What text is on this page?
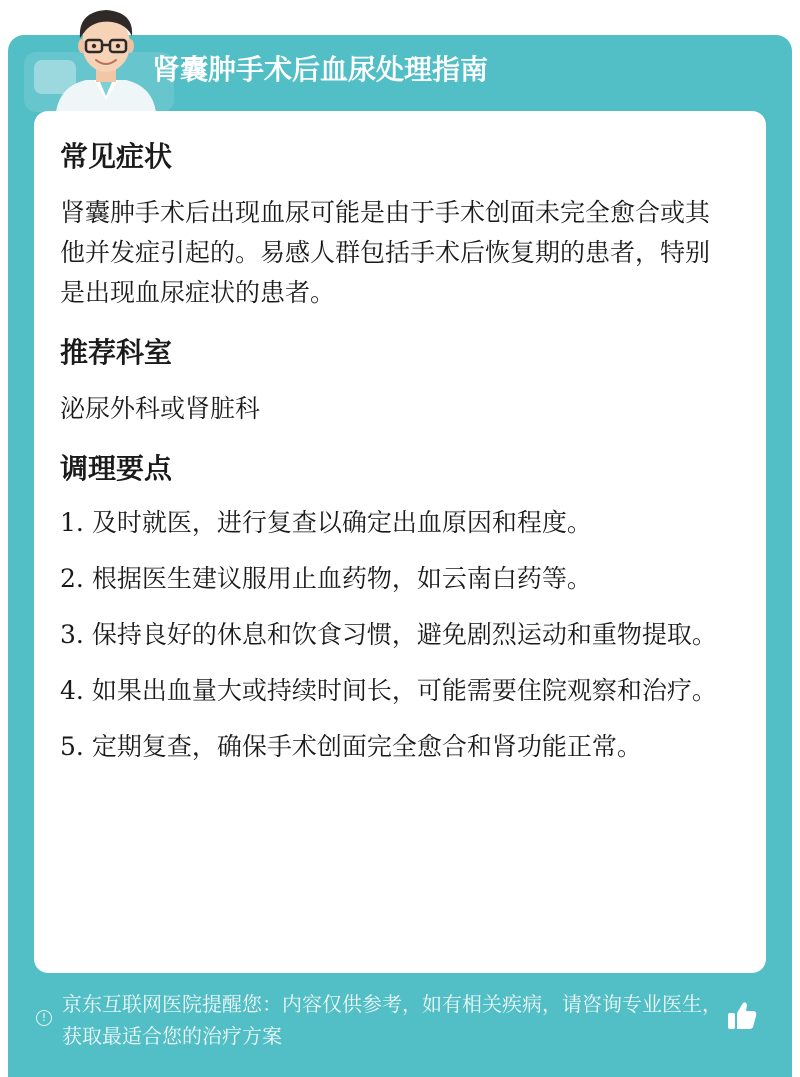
肾囊肿手术后血尿处理指南
常见症状

肾囊肿手术后出现血尿可能是由于手术创面未完全愈合或其他并发症引起的。易感人群包括手术后恢复期的患者，特别是出现血尿症状的患者。

推荐科室

泌尿外科或肾脏科

调理要点

1. 及时就医，进行复查以确定出血原因和程度。

2. 根据医生建议服用止血药物，如云南白药等。

3. 保持良好的休息和饮食习惯，避免剧烈运动和重物提取。

4. 如果出血量大或持续时间长，可能需要住院观察和治疗。

5. 定期复查，确保手术创面完全愈合和肾功能正常。

!
京东互联网医院提醒您：内容仅供参考，如有相关疾病，请咨询专业医生，获取最适合您的治疗方案
